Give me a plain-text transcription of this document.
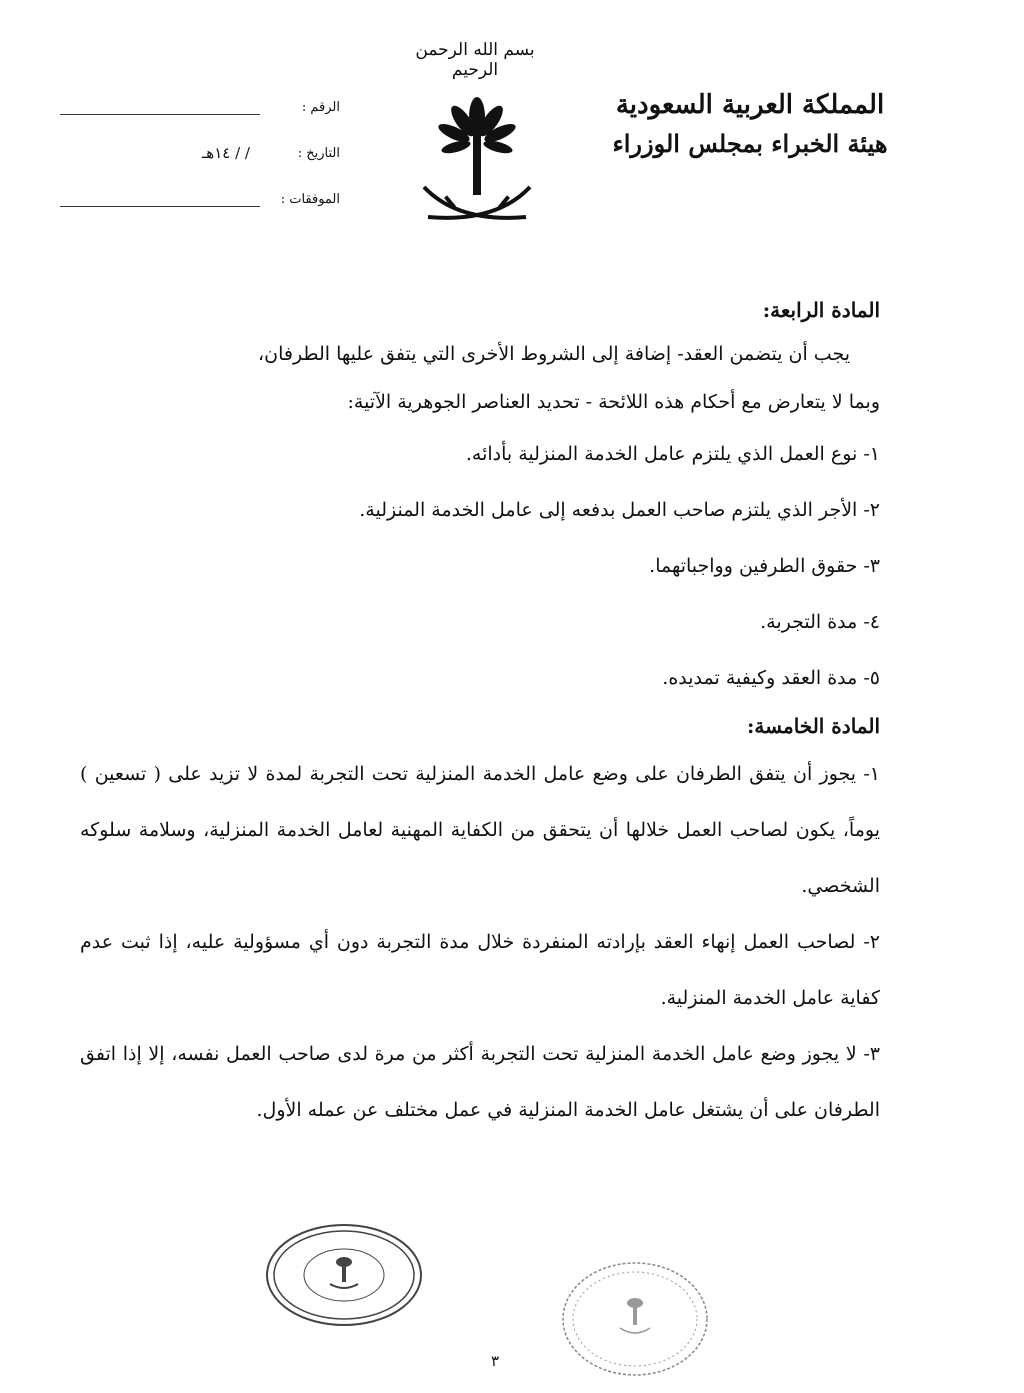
بسم الله الرحمن الرحيم
المملكة العربية السعودية
هيئة الخبراء بمجلس الوزراء
الرقم :
التاريخ :
/ / ١٤هـ
الموفقات :

المادة الرابعة:

يجب أن يتضمن العقد- إضافة إلى الشروط الأخرى التي يتفق عليها الطرفان،

وبما لا يتعارض مع أحكام هذه اللائحة - تحديد العناصر الجوهرية الآتية:

١- نوع العمل الذي يلتزم عامل الخدمة المنزلية بأدائه.

٢- الأجر الذي يلتزم صاحب العمل بدفعه إلى عامل الخدمة المنزلية.

٣- حقوق الطرفين وواجباتهما.

٤- مدة التجربة.

٥- مدة العقد وكيفية تمديده.

المادة الخامسة:

١- يجوز أن يتفق الطرفان على وضع عامل الخدمة المنزلية تحت التجربة لمدة لا تزيد على ( تسعين ) يوماً، يكون لصاحب العمل خلالها أن يتحقق من الكفاية المهنية لعامل الخدمة المنزلية، وسلامة سلوكه الشخصي.

٢- لصاحب العمل إنهاء العقد بإرادته المنفردة خلال مدة التجربة دون أي مسؤولية عليه، إذا ثبت عدم كفاية عامل الخدمة المنزلية.

٣- لا يجوز وضع عامل الخدمة المنزلية تحت التجربة أكثر من مرة لدى صاحب العمل نفسه، إلا إذا اتفق الطرفان على أن يشتغل عامل الخدمة المنزلية في عمل مختلف عن عمله الأول.

٣
